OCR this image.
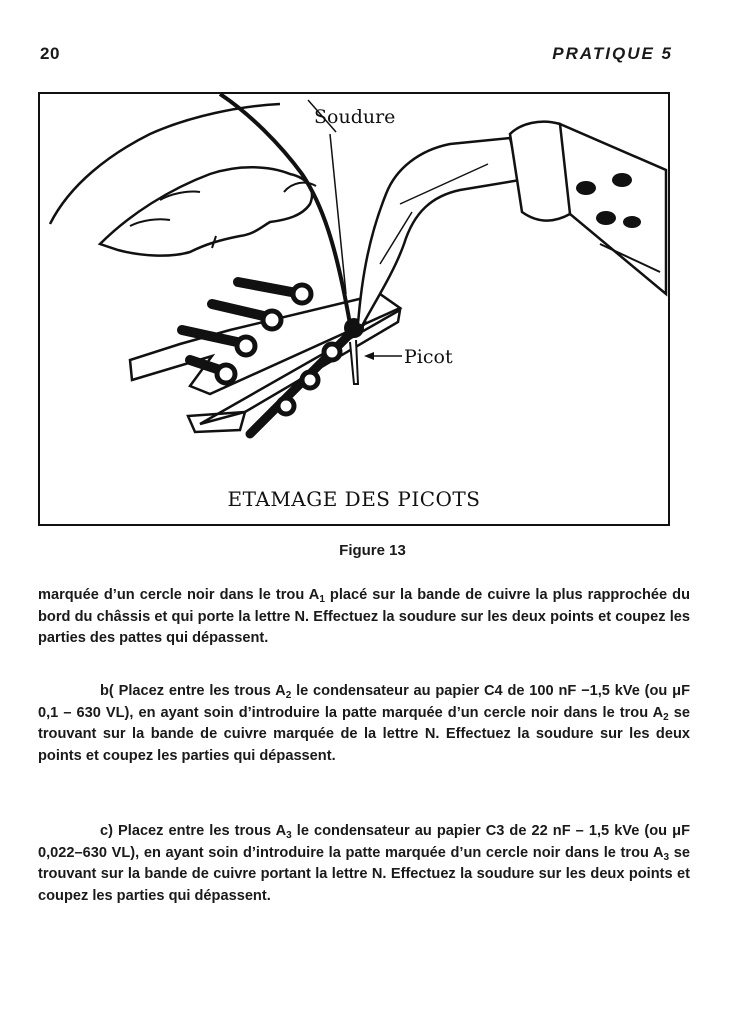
20	PRATIQUE 5
Soudure
Picot
ETAMAGE DES PICOTS
Figure 13

marquée d’un cercle noir dans le trou $A_1$ placé sur la bande de cuivre la plus rapprochée du bord du châssis et qui porte la lettre N. Effectuez la soudure sur les deux points et coupez les parties des pattes qui dépassent.

b( Placez entre les trous $A_2$ le condensateur au papier C4 de 100 nF −1,5 kVe (ou μF 0,1 – 630 VL), en ayant soin d’introduire la patte marquée d’un cercle noir dans le trou $A_2$ se trouvant sur la bande de cuivre marquée de la lettre N. Effectuez la soudure sur les deux points et coupez les parties qui dépassent.

c) Placez entre les trous $A_3$ le condensateur au papier C3 de 22 nF – 1,5 kVe (ou μF 0,022–630 VL), en ayant soin d’introduire la patte marquée d’un cercle noir dans le trou $A_3$ se trouvant sur la bande de cuivre portant la lettre N. Effectuez la soudure sur les deux points et coupez les parties qui dépassent.
